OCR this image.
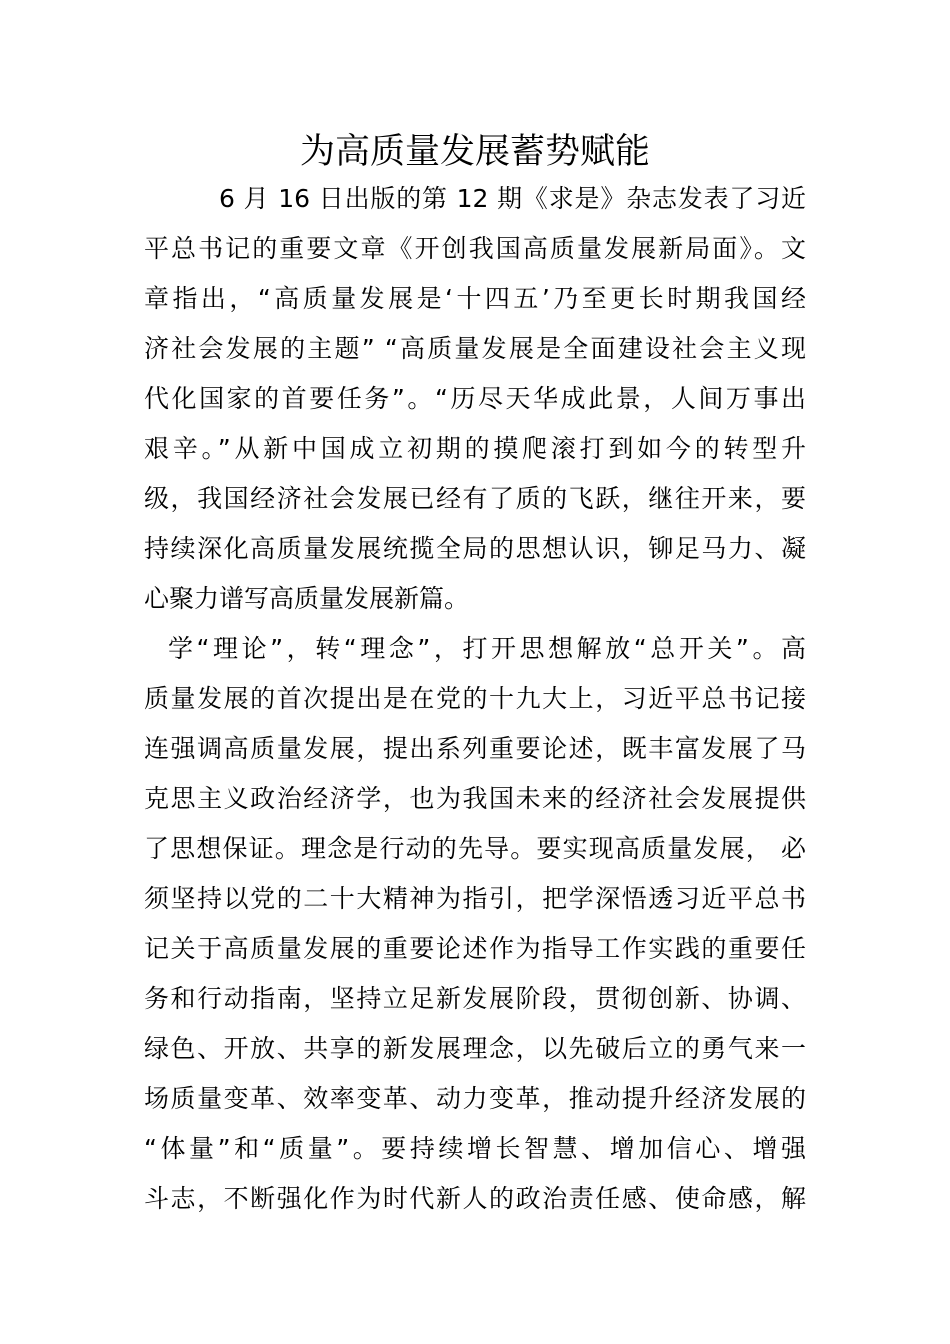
为高质量发展蓄势赋能
6 月 16 日出版的第 12 期《求是》杂志发表了习近
平总书记的重要文章《开创我国高质量发展新局面》。文
章指出，“高质量发展是‘十四五’乃至更长时期我国经
济社会发展的主题” “高质量发展是全面建设社会主义现
代化国家的首要任务”。“历尽天华成此景，人间万事出
艰辛。”从新中国成立初期的摸爬滚打到如今的转型升
级，我国经济社会发展已经有了质的飞跃，继往开来，要
持续深化高质量发展统揽全局的思想认识，铆足马力、凝
心聚力谱写高质量发展新篇。
学“理论”，转“理念”，打开思想解放“总开关”。高
质量发展的首次提出是在党的十九大上，习近平总书记接
连强调高质量发展，提出系列重要论述，既丰富发展了马
克思主义政治经济学，也为我国未来的经济社会发展提供
了思想保证。理念是行动的先导。要实现高质量发展， 必
须坚持以党的二十大精神为指引，把学深悟透习近平总书
记关于高质量发展的重要论述作为指导工作实践的重要任
务和行动指南，坚持立足新发展阶段，贯彻创新、协调、
绿色、开放、共享的新发展理念，以先破后立的勇气来一
场质量变革、效率变革、动力变革，推动提升经济发展的
“体量”和“质量”。要持续增长智慧、增加信心、增强
斗志，不断强化作为时代新人的政治责任感、使命感，解
